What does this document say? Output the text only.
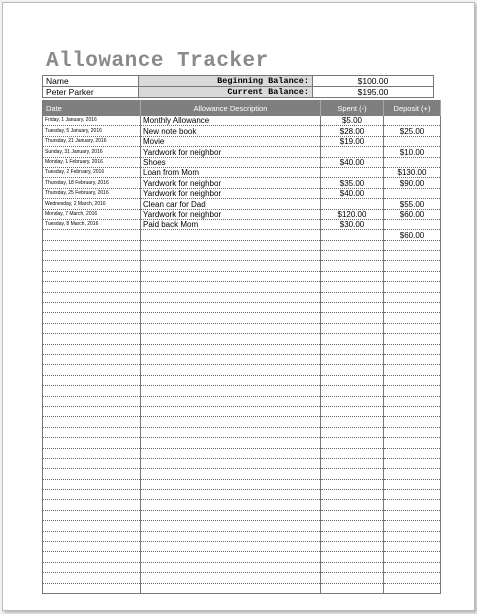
Allowance Tracker
Name	Beginning Balance:	$100.00
Peter Parker	Current Balance:	$195.00
Date	Allowance Description	Spent (-)	Deposit (+)
Friday, 1 January, 2016	Monthly Allowance	$5.00	
Tuesday, 5 January, 2016	New note book	$28.00	$25.00
Thursday, 21 January, 2016	Movie	$19.00	
Sunday, 31 January, 2016	Yardwork for neighbor		$10.00
Monday, 1 February, 2016	Shoes	$40.00	
Tuesday, 2 February, 2016	Loan from Mom		$130.00
Thursday, 18 February, 2016	Yardwork for neighbor	$35.00	$90.00
Thursday, 25 February, 2016	Yardwork for neighbor	$40.00	
Wednesday, 2 March, 2016	Clean car for Dad		$55.00
Monday, 7 March, 2016	Yardwork for neighbor	$120.00	$60.00
Tuesday, 8 March, 2016	Paid back Mom	$30.00	
			$60.00
